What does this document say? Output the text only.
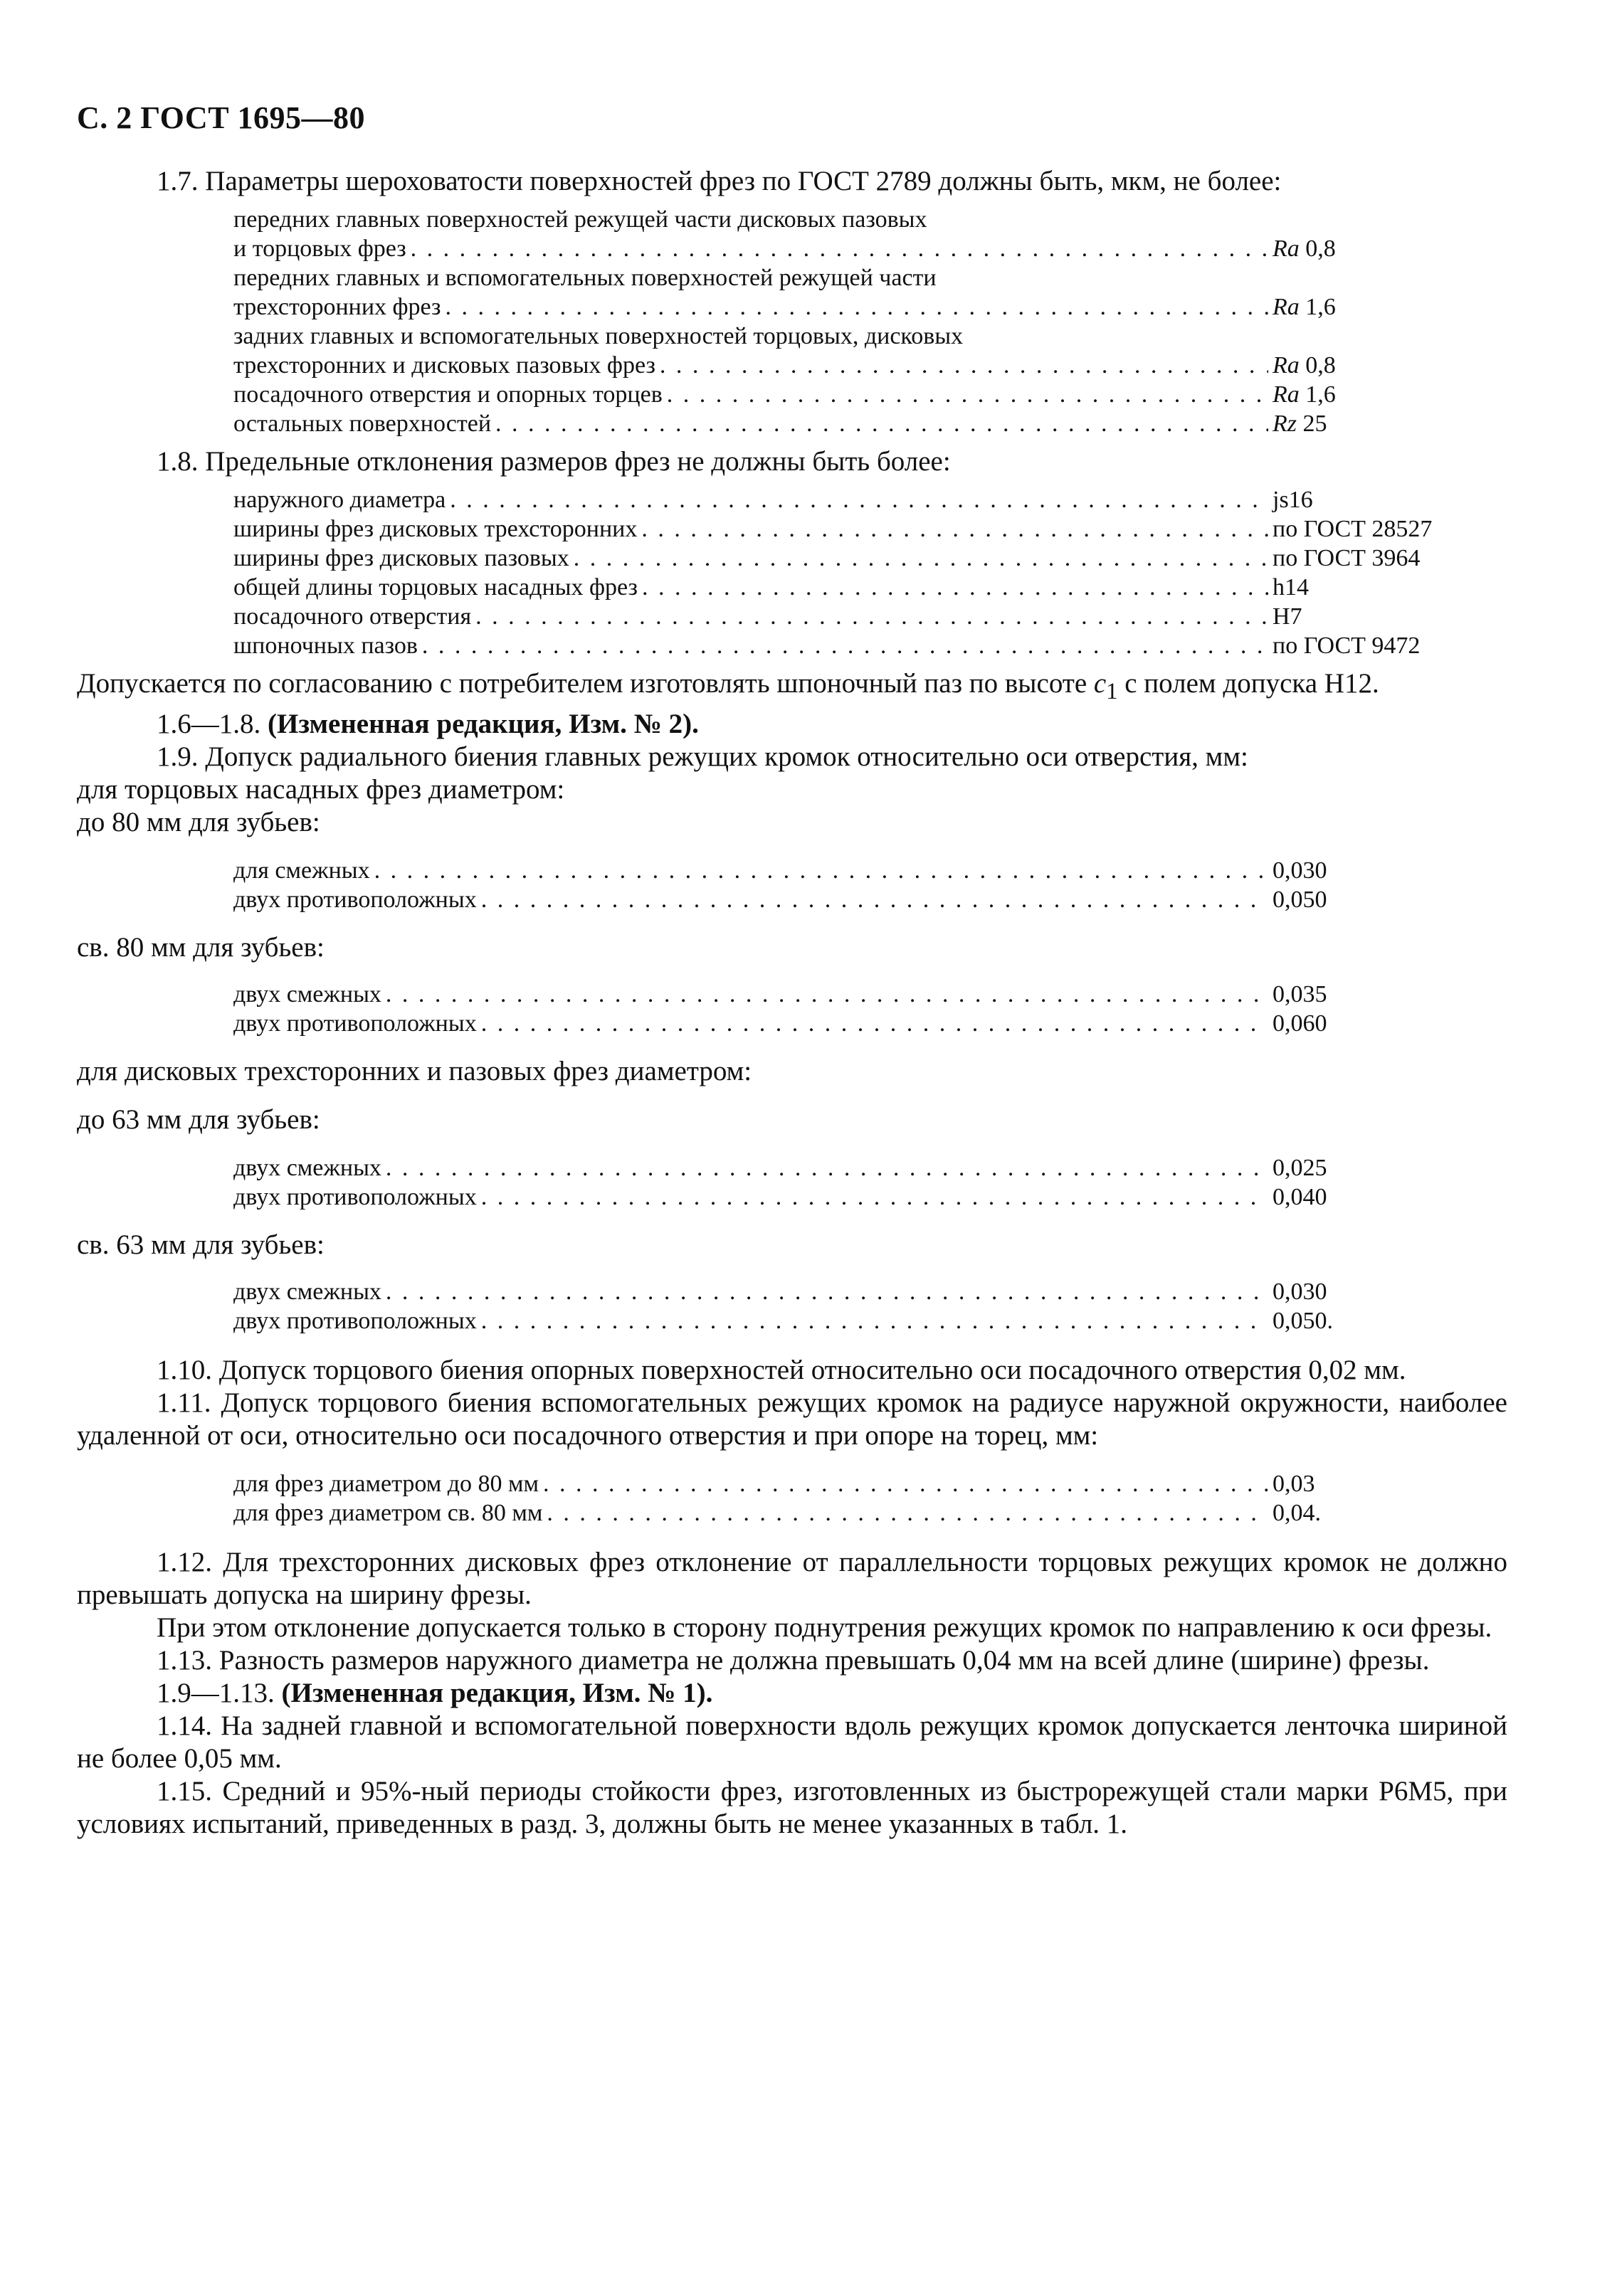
С. 2 ГОСТ 1695—80

1.7. Параметры шероховатости поверхностей фрез по ГОСТ 2789 должны быть, мкм, не более:

передних главных поверхностей режущей части дисковых пазовых
и торцовых фрез . . .	Ra 0,8
передних главных и вспомогательных поверхностей режущей части
трехсторонних фрез . . .	Ra 1,6
задних главных и вспомогательных поверхностей торцовых, дисковых
трехсторонних и дисковых пазовых фрез . . .	Ra 0,8
посадочного отверстия и опорных торцев . . .	Ra 1,6
остальных поверхностей . . .	Rz 25

1.8. Предельные отклонения размеров фрез не должны быть более:

наружного диаметра . . .	js16
ширины фрез дисковых трехсторонних . . .	по ГОСТ 28527
ширины фрез дисковых пазовых . . .	по ГОСТ 3964
общей длины торцовых насадных фрез . . .	h14
посадочного отверстия . . .	H7
шпоночных пазов . . .	по ГОСТ 9472

Допускается по согласованию с потребителем изготовлять шпоночный паз по высоте $c_1$ с полем допуска H12.

1.6—1.8. (Измененная редакция, Изм. № 2).

1.9. Допуск радиального биения главных режущих кромок относительно оси отверстия, мм:

для торцовых насадных фрез диаметром:

до 80 мм для зубьев:

для смежных . . .	0,030
двух противоположных . . .	0,050

св. 80 мм для зубьев:

двух смежных . . .	0,035
двух противоположных . . .	0,060

для дисковых трехсторонних и пазовых фрез диаметром:

до 63 мм для зубьев:

двух смежных . . .	0,025
двух противоположных . . .	0,040

св. 63 мм для зубьев:

двух смежных . . .	0,030
двух противоположных . . .	0,050.

1.10. Допуск торцового биения опорных поверхностей относительно оси посадочного отверстия 0,02 мм.

1.11. Допуск торцового биения вспомогательных режущих кромок на радиусе наружной окружности, наиболее удаленной от оси, относительно оси посадочного отверстия и при опоре на торец, мм:

для фрез диаметром до 80 мм . . .	0,03
для фрез диаметром св. 80 мм . . .	0,04.

1.12. Для трехсторонних дисковых фрез отклонение от параллельности торцовых режущих кромок не должно превышать допуска на ширину фрезы.

При этом отклонение допускается только в сторону поднутрения режущих кромок по направлению к оси фрезы.

1.13. Разность размеров наружного диаметра не должна превышать 0,04 мм на всей длине (ширине) фрезы.

1.9—1.13. (Измененная редакция, Изм. № 1).

1.14. На задней главной и вспомогательной поверхности вдоль режущих кромок допускается ленточка шириной не более 0,05 мм.

1.15. Средний и 95%-ный периоды стойкости фрез, изготовленных из быстрорежущей стали марки Р6М5, при условиях испытаний, приведенных в разд. 3, должны быть не менее указанных в табл. 1.
